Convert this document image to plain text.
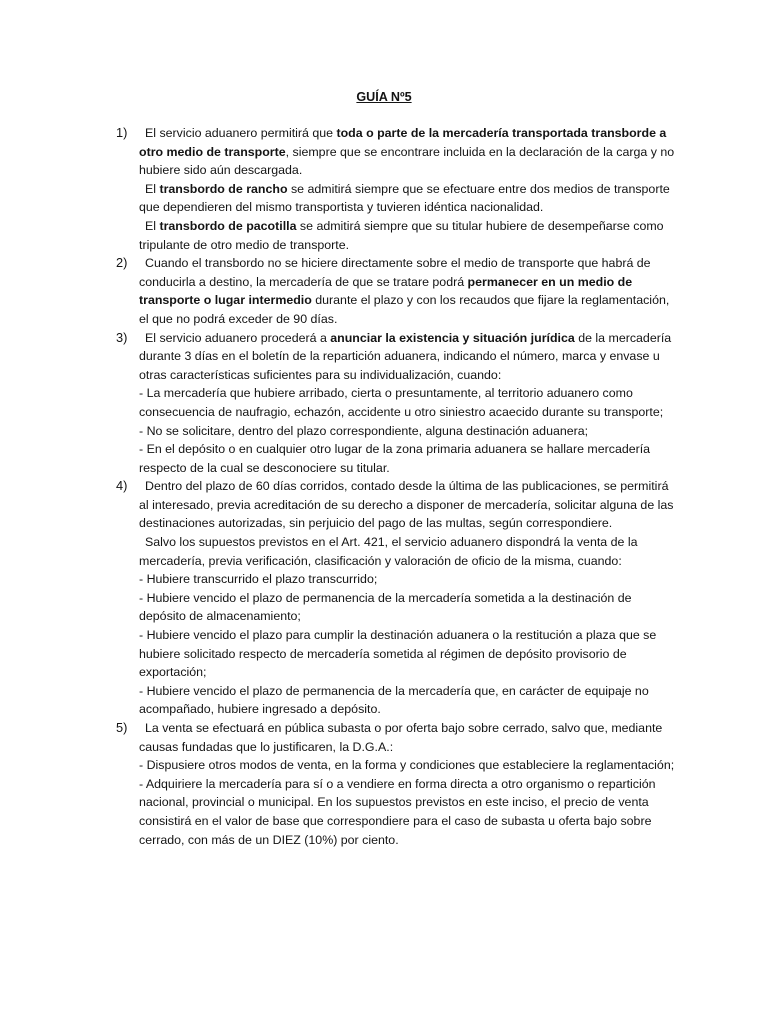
GUÍA Nº5
1)	El servicio aduanero permitirá que toda o parte de la mercadería transportada transborde a otro medio de transporte, siempre que se encontrare incluida en la declaración de la carga y no hubiere sido aún descargada.

El transbordo de rancho se admitirá siempre que se efectuare entre dos medios de transporte que dependieren del mismo transportista y tuvieren idéntica nacionalidad.

El transbordo de pacotilla se admitirá siempre que su titular hubiere de desempeñarse como tripulante de otro medio de transporte.

2)	Cuando el transbordo no se hiciere directamente sobre el medio de transporte que habrá de conducirla a destino, la mercadería de que se tratare podrá permanecer en un medio de transporte o lugar intermedio durante el plazo y con los recaudos que fijare la reglamentación, el que no podrá exceder de 90 días.

3)	El servicio aduanero procederá a anunciar la existencia y situación jurídica de la mercadería durante 3 días en el boletín de la repartición aduanera, indicando el número, marca y envase u otras características suficientes para su individualización, cuando:

- La mercadería que hubiere arribado, cierta o presuntamente, al territorio aduanero como consecuencia de naufragio, echazón, accidente u otro siniestro acaecido durante su transporte;

- No se solicitare, dentro del plazo correspondiente, alguna destinación aduanera;

- En el depósito o en cualquier otro lugar de la zona primaria aduanera se hallare mercadería respecto de la cual se desconociere su titular.

4)	Dentro del plazo de 60 días corridos, contado desde la última de las publicaciones, se permitirá al interesado, previa acreditación de su derecho a disponer de mercadería, solicitar alguna de las destinaciones autorizadas, sin perjuicio del pago de las multas, según correspondiere.

Salvo los supuestos previstos en el Art. 421, el servicio aduanero dispondrá la venta de la mercadería, previa verificación, clasificación y valoración de oficio de la misma, cuando:

- Hubiere transcurrido el plazo transcurrido;

- Hubiere vencido el plazo de permanencia de la mercadería sometida a la destinación de depósito de almacenamiento;

- Hubiere vencido el plazo para cumplir la destinación aduanera o la restitución a plaza que se hubiere solicitado respecto de mercadería sometida al régimen de depósito provisorio de exportación;

- Hubiere vencido el plazo de permanencia de la mercadería que, en carácter de equipaje no acompañado, hubiere ingresado a depósito.

5)	La venta se efectuará en pública subasta o por oferta bajo sobre cerrado, salvo que, mediante causas fundadas que lo justificaren, la D.G.A.:

- Dispusiere otros modos de venta, en la forma y condiciones que estableciere la reglamentación;

- Adquiriere la mercadería para sí o a vendiere en forma directa a otro organismo o repartición nacional, provincial o municipal. En los supuestos previstos en este inciso, el precio de venta consistirá en el valor de base que correspondiere para el caso de subasta u oferta bajo sobre cerrado, con más de un DIEZ (10%) por ciento.
